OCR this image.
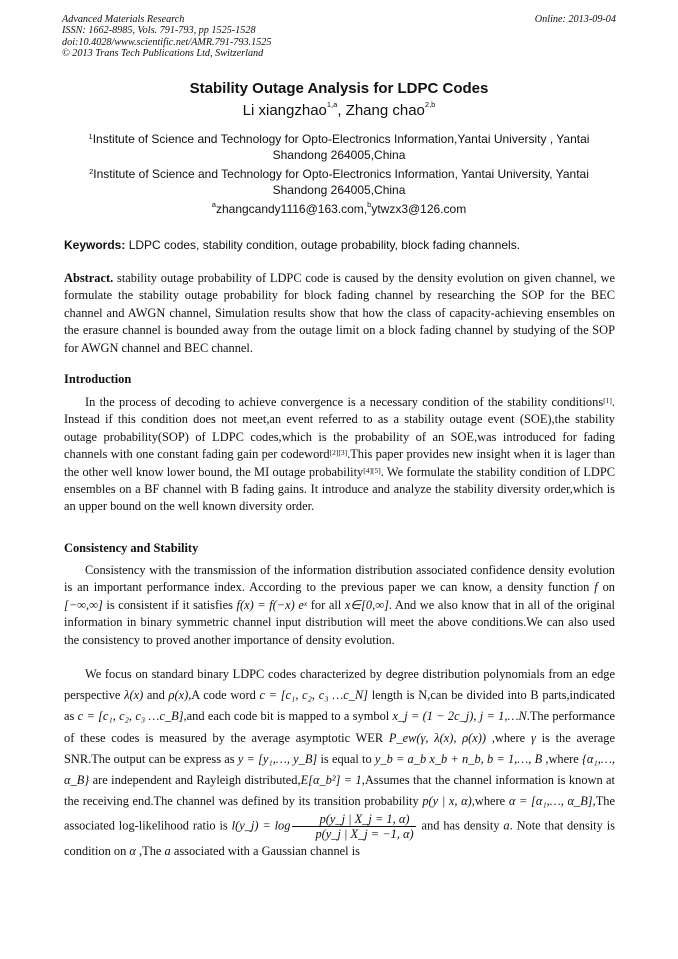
Advanced Materials Research
ISSN: 1662-8985, Vols. 791-793, pp 1525-1528
doi:10.4028/www.scientific.net/AMR.791-793.1525
© 2013 Trans Tech Publications Ltd, Switzerland
Online: 2013-09-04
Stability Outage Analysis for LDPC Codes
Li xiangzhao$^{1,a}$, Zhang chao$^{2,b}$
$^1$Institute of Science and Technology for Opto-Electronics Information,Yantai University , Yantai Shandong 264005,China
$^2$Institute of Science and Technology for Opto-Electronics Information, Yantai University, Yantai Shandong 264005,China
$^a$zhangcandy1116@163.com,$^b$ytwzx3@126.com
Keywords: LDPC codes, stability condition, outage probability, block fading channels.
Abstract. stability outage probability of LDPC code is caused by the density evolution on given channel, we formulate the stability outage probability for block fading channel by researching the SOP for the BEC channel and AWGN channel, Simulation results show that how the class of capacity-achieving ensembles on the erasure channel is bounded away from the outage limit on a block fading channel by studying of the SOP for AWGN channel and BEC channel.
Introduction

In the process of decoding to achieve convergence is a necessary condition of the stability conditions[1]. Instead if this condition does not meet,an event referred to as a stability outage event (SOE),the stability outage probability(SOP) of LDPC codes,which is the probability of an SOE,was introduced for fading channels with one constant fading gain per codeword[2][3].This paper provides new insight when it is lager than the other well know lower bound, the MI outage probability[4][5]. We formulate the stability condition of LDPC ensembles on a BF channel with B fading gains. It introduce and analyze the stability diversity order,which is an upper bound on the well known diversity order.

Consistency and Stability

Consistency with the transmission of the information distribution associated confidence density evolution is an important performance index. According to the previous paper we can know, a density function f on [−∞,∞] is consistent if it satisfies f(x) = f(−x) $e^x$ for all x∈[0,∞]. And we also know that in all of the original information in binary symmetric channel input distribution will meet the above conditions.We can also used the consistency to proved another importance of density evolution.

We focus on standard binary LDPC codes characterized by degree distribution polynomials from an edge perspective λ(x) and ρ(x),A code word c = [c₁, c₂, c₃ …c_N] length is N,can be divided into B parts,indicated as c = [c₁, c₂, c₃ …c_B],and each code bit is mapped to a symbol x_j = (1 − 2c_j), j = 1,…N.The performance of these codes is measured by the average asymptotic WER P_ew(γ, λ(x), ρ(x)) ,where γ is the average SNR.The output can be express as y = [y₁,…, y_B] is equal to y_b = a_b x_b + n_b, b = 1,…, B ,where {α₁,…, α_B} are independent and Rayleigh distributed,E[α_b²] = 1,Assumes that the channel information is known at the receiving end.The channel was defined by its transition probability p(y | x, α),where α = [α₁,…, α_B],The associated log-likelihood ratio is l(y_j) = $\log \frac{p(y\_j | X\_j = 1, \alpha)}{p(y\_j | X\_j = -1, \alpha)}$ and has density a. Note that density is condition on α ,The a associated with a Gaussian channel is
